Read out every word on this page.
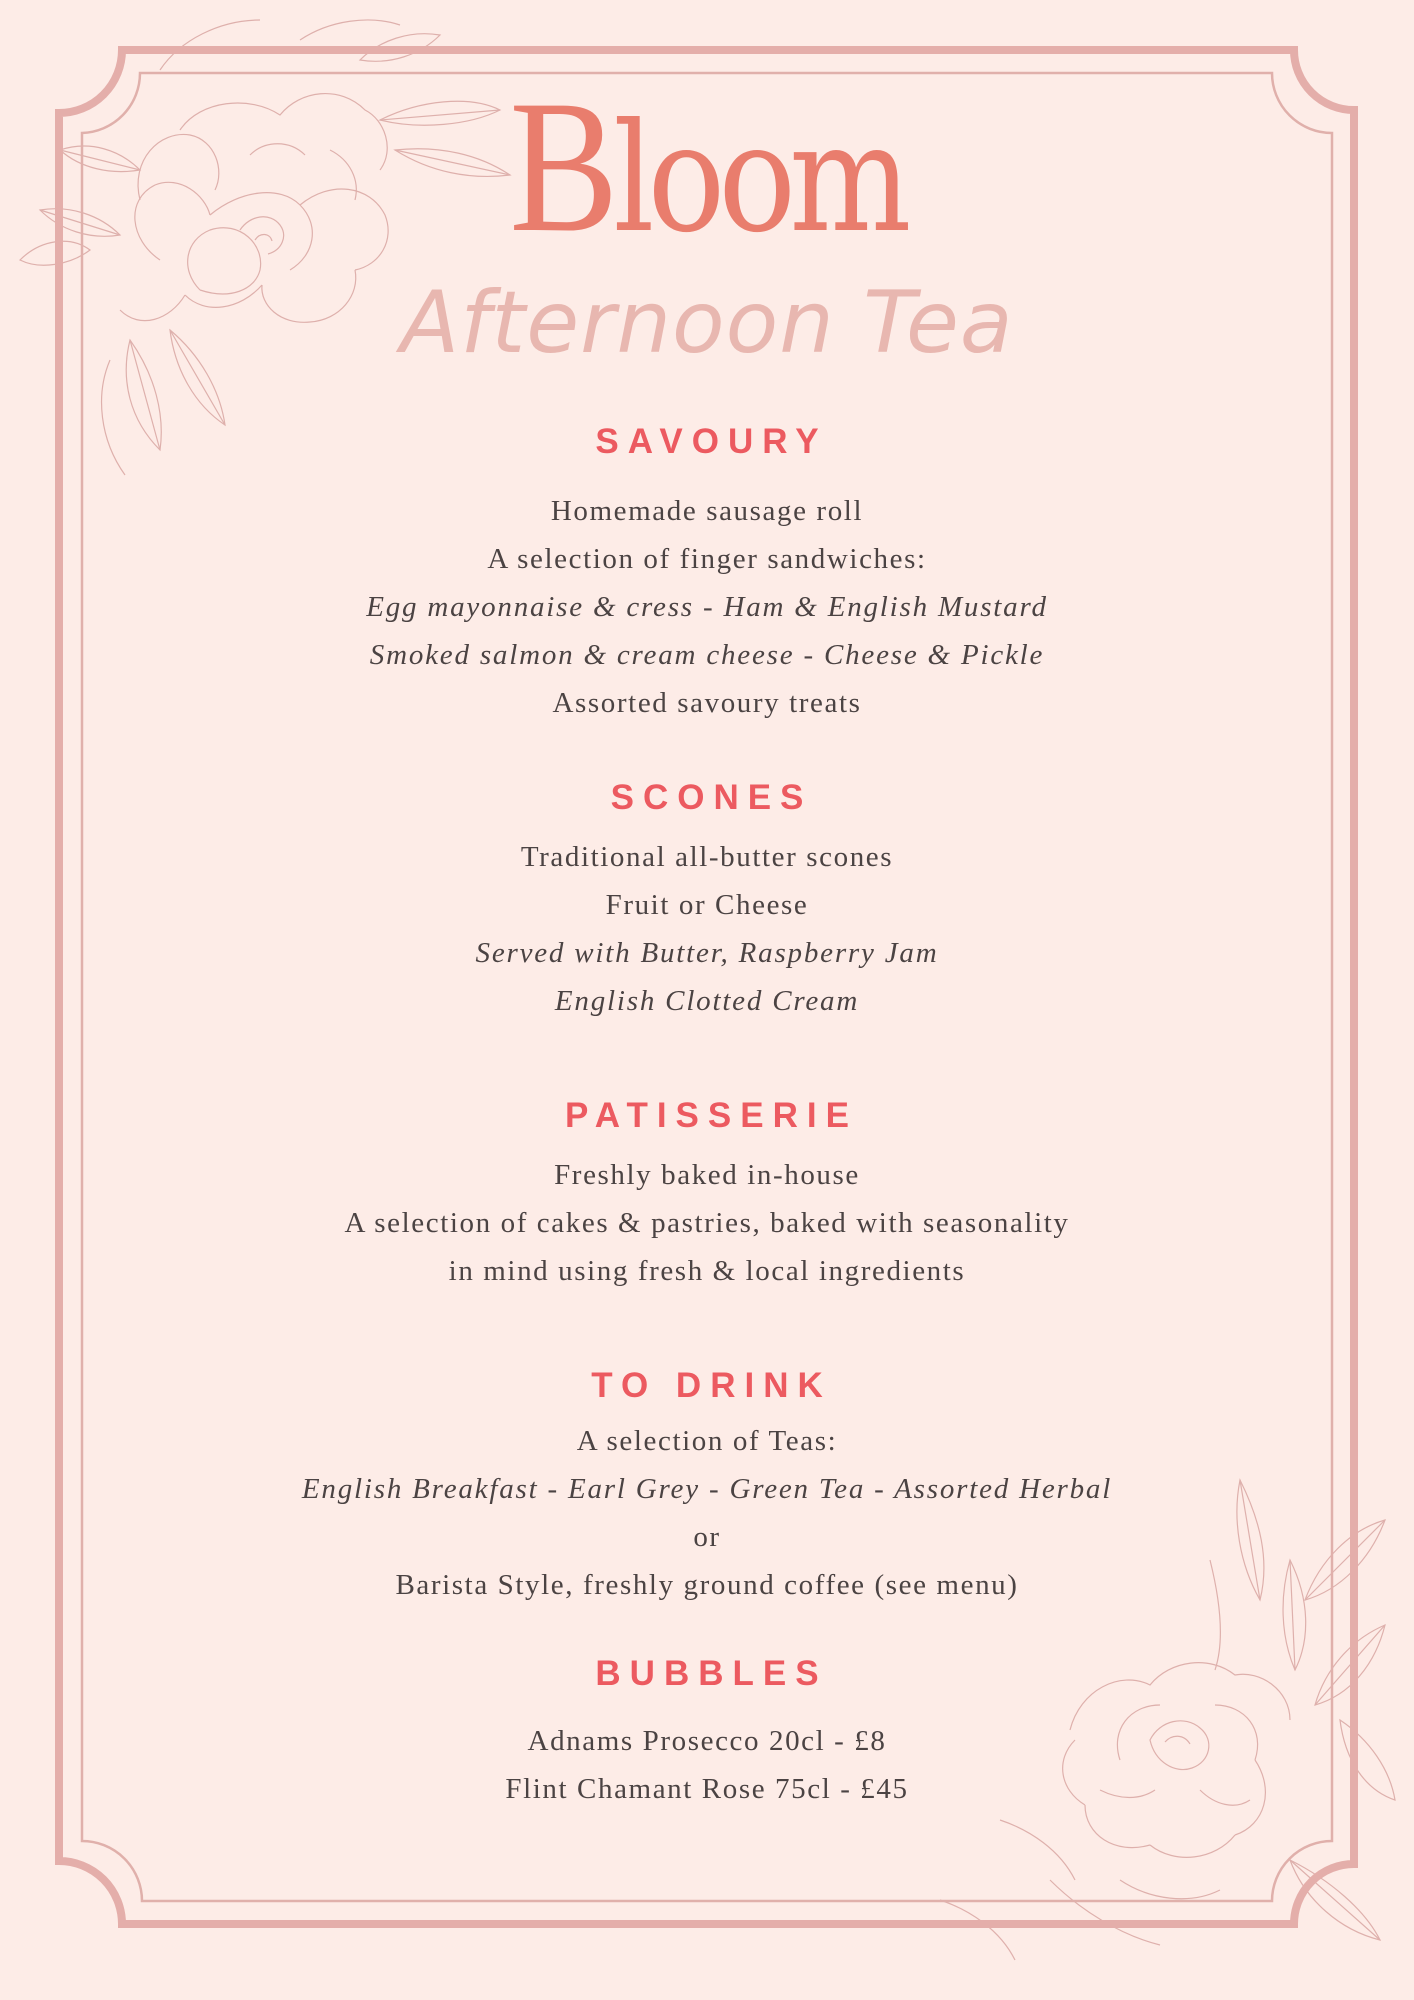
Bloom
Afternoon Tea
SAVOURY

Homemade sausage roll

A selection of finger sandwiches:

Egg mayonnaise & cress - Ham & English Mustard

Smoked salmon & cream cheese - Cheese & Pickle

Assorted savoury treats

SCONES

Traditional all-butter scones

Fruit or Cheese

Served with Butter, Raspberry Jam

English Clotted Cream

PATISSERIE

Freshly baked in-house

A selection of cakes & pastries, baked with seasonality

in mind using fresh & local ingredients

TO DRINK

A selection of Teas:

English Breakfast - Earl Grey - Green Tea - Assorted Herbal

or

Barista Style, freshly ground coffee (see menu)

BUBBLES

Adnams Prosecco 20cl - £8

Flint Chamant Rose 75cl - £45
